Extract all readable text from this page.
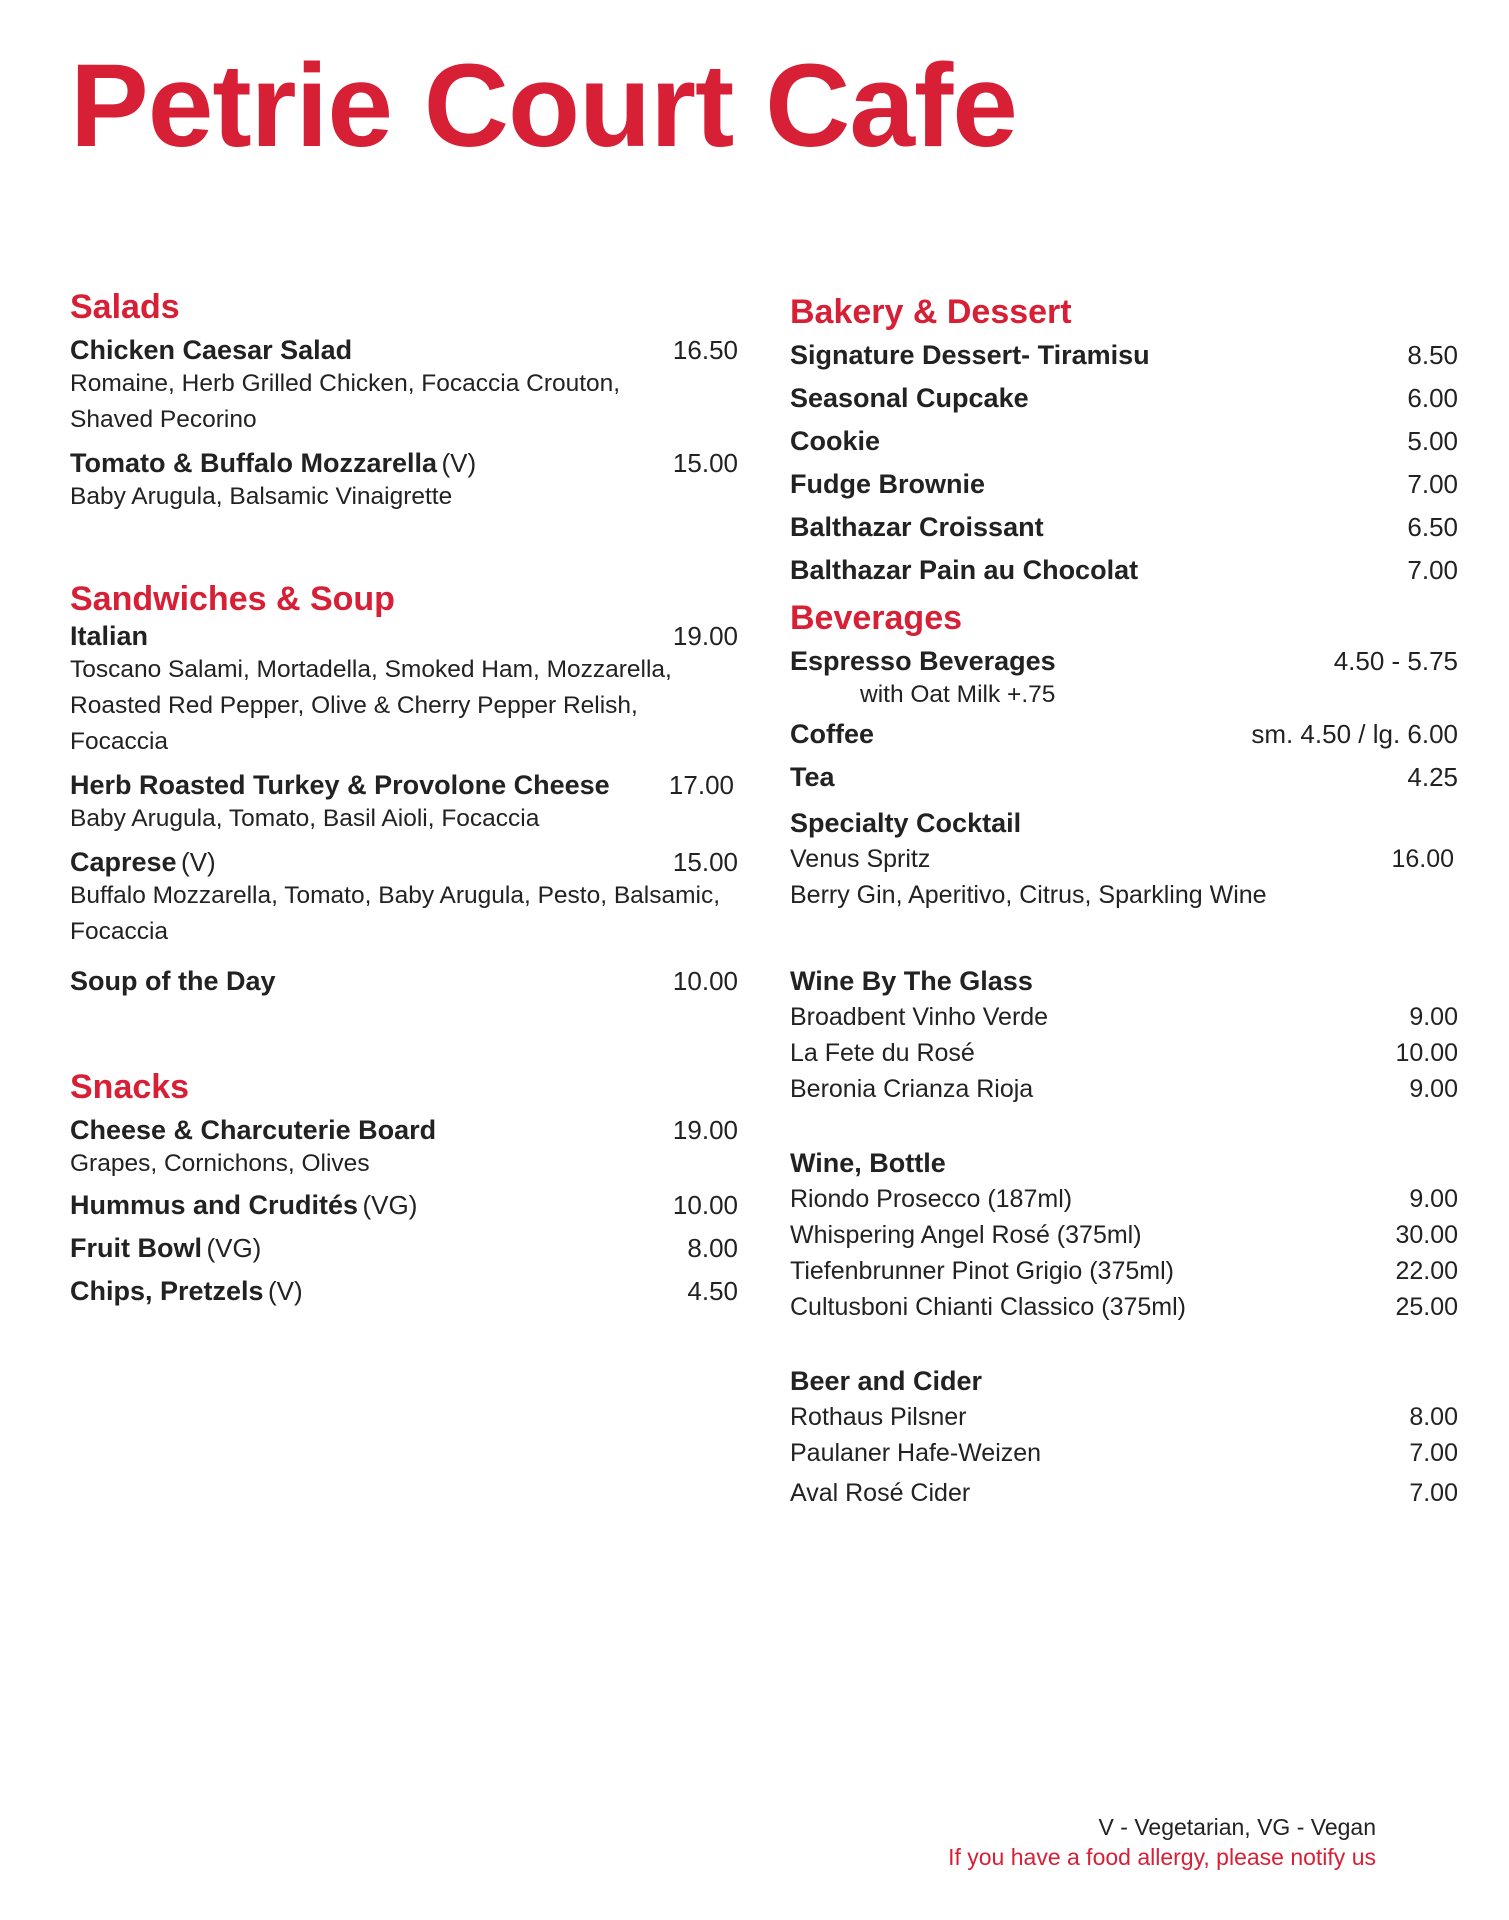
Petrie Court Cafe
Salads
Chicken Caesar Salad	16.50
Romaine, Herb Grilled Chicken, Focaccia Crouton,
Shaved Pecorino
Tomato & Buffalo Mozzarella (V)	15.00
Baby Arugula, Balsamic Vinaigrette
Sandwiches & Soup
Italian	19.00
Toscano Salami, Mortadella, Smoked Ham, Mozzarella,
Roasted Red Pepper, Olive & Cherry Pepper Relish,
Focaccia
Herb Roasted Turkey & Provolone Cheese 17.00
Baby Arugula, Tomato, Basil Aioli, Focaccia
Caprese (V)	15.00
Buffalo Mozzarella, Tomato, Baby Arugula, Pesto, Balsamic,
Focaccia
Soup of the Day	10.00
Snacks
Cheese & Charcuterie Board	19.00
Grapes, Cornichons, Olives
Hummus and Crudités (VG)	10.00
Fruit Bowl (VG)	8.00
Chips, Pretzels (V)	4.50
Bakery & Dessert
Signature Dessert- Tiramisu	8.50
Seasonal Cupcake	6.00
Cookie	5.00
Fudge Brownie	7.00
Balthazar Croissant	6.50
Balthazar Pain au Chocolat	7.00
Beverages
Espresso Beverages	4.50 - 5.75
with Oat Milk +.75
Coffee	sm. 4.50 / lg. 6.00
Tea	4.25
Specialty Cocktail
Venus Spritz	16.00
Berry Gin, Aperitivo, Citrus, Sparkling Wine
Wine By The Glass
Broadbent Vinho Verde	9.00
La Fete du Rosé	10.00
Beronia Crianza Rioja	9.00
Wine, Bottle
Riondo Prosecco (187ml)	9.00
Whispering Angel Rosé (375ml)	30.00
Tiefenbrunner Pinot Grigio (375ml)	22.00
Cultusboni Chianti Classico (375ml)	25.00
Beer and Cider
Rothaus Pilsner	8.00
Paulaner Hafe-Weizen	7.00
Aval Rosé Cider	7.00
V - Vegetarian, VG - Vegan
If you have a food allergy, please notify us
